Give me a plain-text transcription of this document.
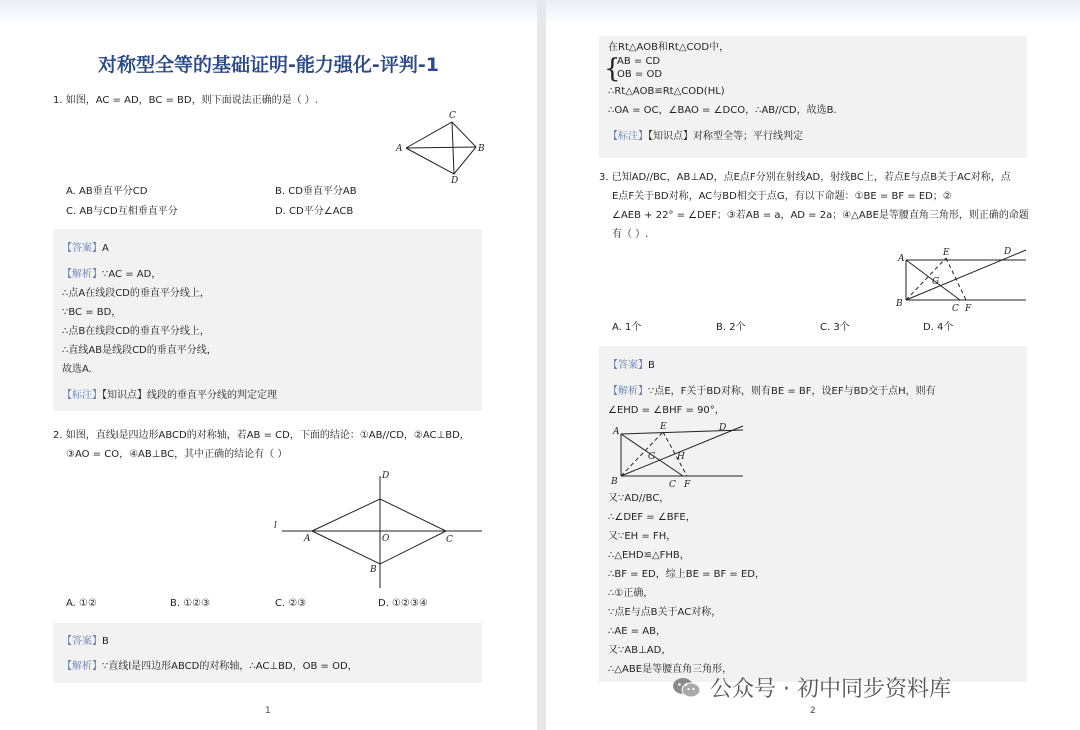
对称型全等的基础证明-能力强化-评判-1
1. 如图，AC = AD，BC = BD，则下面说法正确的是（ ）.
A	B
C
D
A. AB垂直平分CD	B. CD垂直平分AB
C. AB与CD互相垂直平分	D. CD平分∠ACB
【答案】A
【解析】∵AC = AD，
∴点A在线段CD的垂直平分线上，
∵BC = BD，
∴点B在线段CD的垂直平分线上，
∴直线AB是线段CD的垂直平分线，
故选A.
【标注】【知识点】线段的垂直平分线的判定定理
2. 如图，直线l是四边形ABCD的对称轴，若AB = CD，下面的结论：①AB//CD，②AC⊥BD，
③AO = CO，④AB⊥BC，其中正确的结论有（ ）
D
l
A	O	C
B
A. ①②	B. ①②③	C. ②③	D. ①②③④
【答案】B
【解析】∵直线l是四边形ABCD的对称轴，∴AC⊥BD，OB = OD，
1
在Rt△AOB和Rt△COD中，
{
AB = CD
OB = OD
∴Rt△AOB≌Rt△COD(HL)
∴OA = OC，∠BAO = ∠DCO，∴AB//CD，故选B.
【标注】【知识点】对称型全等；平行线判定
3. 已知AD//BC，AB⊥AD，点E点F分别在射线AD，射线BC上，若点E与点B关于AC对称，点
E点F关于BD对称，AC与BD相交于点G，有以下命题：①BE = BF = ED；②
∠AEB + 22° = ∠DEF；③若AB = a，AD = 2a；④△ABE是等腰直角三角形，则正确的命题
有（ ）.
A
E	D
G
B	C F
A. 1个	B. 2个	C. 3个	D. 4个
【答案】B
【解析】∵点E，F关于BD对称，则有BE = BF，设EF与BD交于点H，则有
∠EHD = ∠BHF = 90°，
A	E	D
G H
B	C F
又∵AD//BC，
∴∠DEF = ∠BFE，
又∵EH = FH，
∴△EHD≌△FHB，
∴BF = ED，综上BE = BF = ED，
∴①正确，
∵点E与点B关于AC对称，
∴AE = AB，
又∵AB⊥AD，
∴△ABE是等腰直角三角形，
2
公众号 · 初中同步资料库
